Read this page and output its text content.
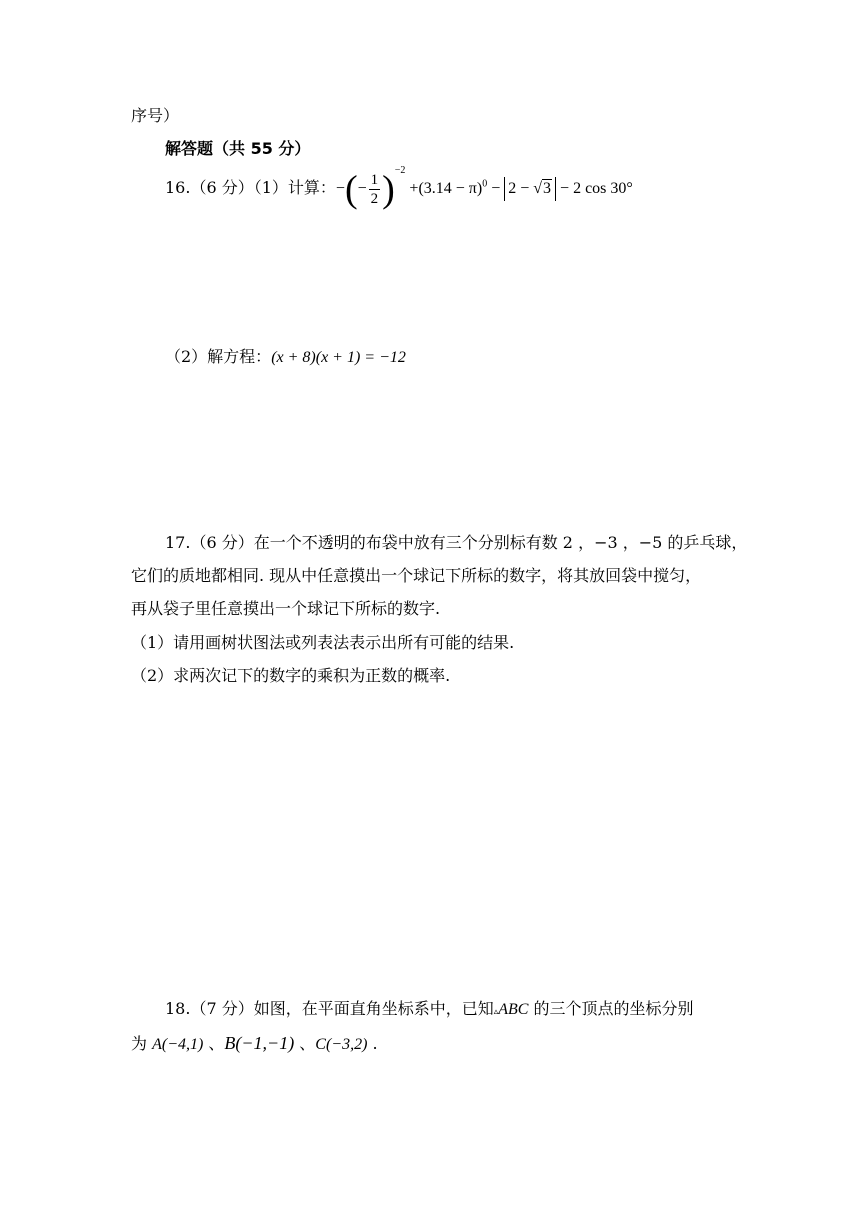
序号）
解答题（共 55 分）
16.（6 分）（1）计算：−(− $\frac{1}{2} )^{-2} +(3.14 - \pi)^0 - 2 - √3 - 2$ cos 30°
（2）解方程：(x + 8)(x + 1) = −12
17.（6 分）在一个不透明的布袋中放有三个分别标有数 2 ，−3 ，−5 的乒乓球，
它们的质地都相同. 现从中任意摸出一个球记下所标的数字，将其放回袋中搅匀，
再从袋子里任意摸出一个球记下所标的数字.
（1）请用画树状图法或列表法表示出所有可能的结果.
（2）求两次记下的数字的乘积为正数的概率.
18.（7 分）如图，在平面直角坐标系中，已知▵ABC 的三个顶点的坐标分别
为 A(−4,1) 、B(−1,−1) 、C(−3,2) .
